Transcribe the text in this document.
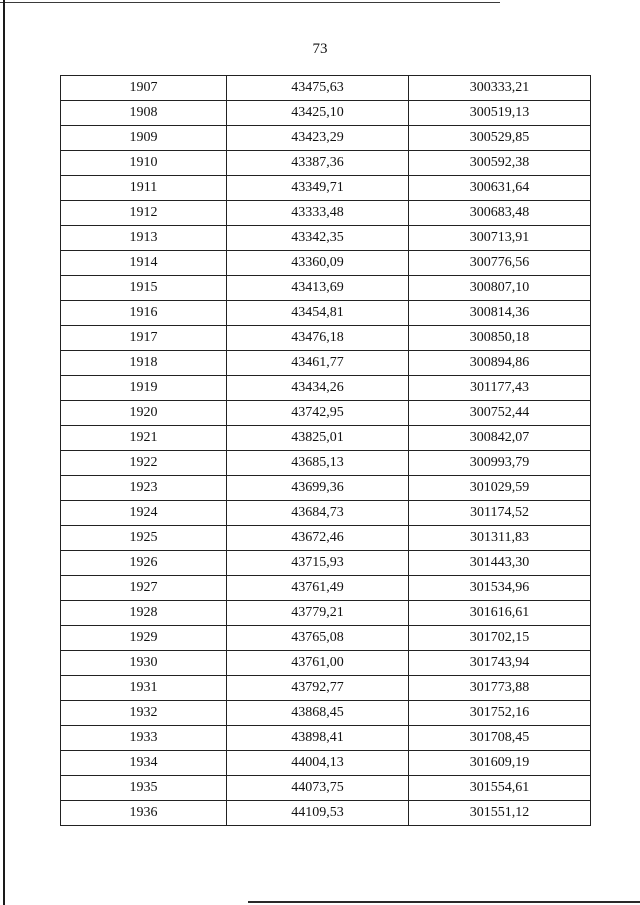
73
1907	43475,63	300333,21
1908	43425,10	300519,13
1909	43423,29	300529,85
1910	43387,36	300592,38
1911	43349,71	300631,64
1912	43333,48	300683,48
1913	43342,35	300713,91
1914	43360,09	300776,56
1915	43413,69	300807,10
1916	43454,81	300814,36
1917	43476,18	300850,18
1918	43461,77	300894,86
1919	43434,26	301177,43
1920	43742,95	300752,44
1921	43825,01	300842,07
1922	43685,13	300993,79
1923	43699,36	301029,59
1924	43684,73	301174,52
1925	43672,46	301311,83
1926	43715,93	301443,30
1927	43761,49	301534,96
1928	43779,21	301616,61
1929	43765,08	301702,15
1930	43761,00	301743,94
1931	43792,77	301773,88
1932	43868,45	301752,16
1933	43898,41	301708,45
1934	44004,13	301609,19
1935	44073,75	301554,61
1936	44109,53	301551,12
